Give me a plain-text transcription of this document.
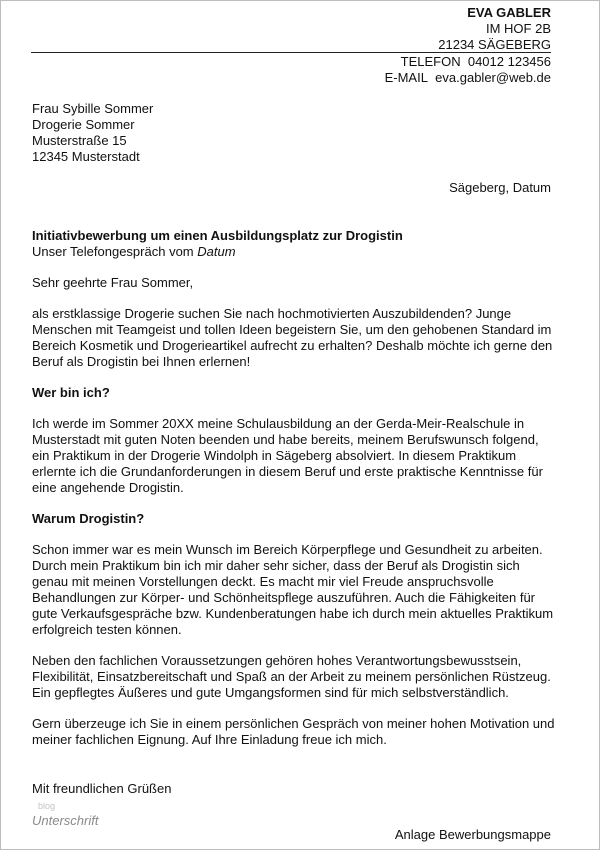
EVA GABLER
IM HOF 2B
21234 SÄGEBERG
TELEFON 04012 123456
E-MAIL eva.gabler@web.de
Frau Sybille Sommer
Drogerie Sommer
Musterstraße 15
12345 Musterstadt
Sägeberg, Datum
Initiativbewerbung um einen Ausbildungsplatz zur Drogistin
Unser Telefongespräch vom Datum

Sehr geehrte Frau Sommer,

als erstklassige Drogerie suchen Sie nach hochmotivierten Auszubildenden? Junge Menschen mit Teamgeist und tollen Ideen begeistern Sie, um den gehobenen Standard im Bereich Kosmetik und Drogerieartikel aufrecht zu erhalten? Deshalb möchte ich gerne den Beruf als Drogistin bei Ihnen erlernen!

Wer bin ich?

Ich werde im Sommer 20XX meine Schulausbildung an der Gerda-Meir-Realschule in Musterstadt mit guten Noten beenden und habe bereits, meinem Berufswunsch folgend, ein Praktikum in der Drogerie Windolph in Sägeberg absolviert. In diesem Praktikum erlernte ich die Grundanforderungen in diesem Beruf und erste praktische Kenntnisse für eine angehende Drogistin.

Warum Drogistin?

Schon immer war es mein Wunsch im Bereich Körperpflege und Gesundheit zu arbeiten. Durch mein Praktikum bin ich mir daher sehr sicher, dass der Beruf als Drogistin sich genau mit meinen Vorstellungen deckt. Es macht mir viel Freude anspruchsvolle Behandlungen zur Körper- und Schönheitspflege auszuführen. Auch die Fähigkeiten für gute Verkaufsgespräche bzw. Kundenberatungen habe ich durch mein aktuelles Praktikum erfolgreich testen können.

Neben den fachlichen Voraussetzungen gehören hohes Verantwortungsbewusstsein, Flexibilität, Einsatzbereitschaft und Spaß an der Arbeit zu meinem persönlichen Rüstzeug. Ein gepflegtes Äußeres und gute Umgangsformen sind für mich selbstverständlich.

Gern überzeuge ich Sie in einem persönlichen Gespräch von meiner hohen Motivation und meiner fachlichen Eignung. Auf Ihre Einladung freue ich mich.

Mit freundlichen Grüßen
blog
Unterschrift
Anlage Bewerbungsmappe
